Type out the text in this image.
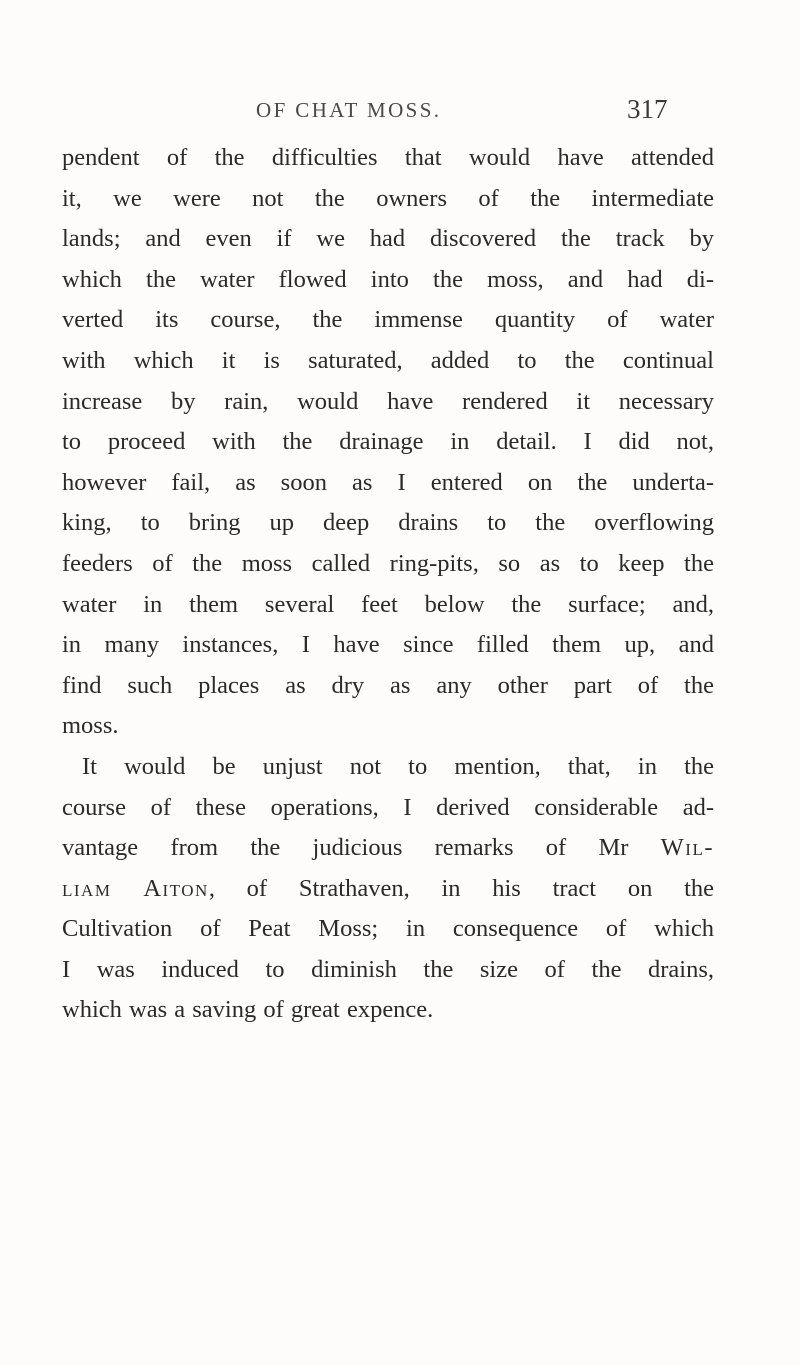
OF CHAT MOSS.	317
pendent of the difficulties that would have attended
it, we were not the owners of the intermediate
lands; and even if we had discovered the track by
which the water flowed into the moss, and had di-
verted its course, the immense quantity of water
with which it is saturated, added to the continual
increase by rain, would have rendered it necessary
to proceed with the drainage in detail. I did not,
however fail, as soon as I entered on the underta-
king, to bring up deep drains to the overflowing
feeders of the moss called ring-pits, so as to keep the
water in them several feet below the surface; and,
in many instances, I have since filled them up, and
find such places as dry as any other part of the
moss.
It would be unjust not to mention, that, in the
course of these operations, I derived considerable ad-
vantage from the judicious remarks of Mr Wil-
liam Aiton, of Strathaven, in his tract on the
Cultivation of Peat Moss; in consequence of which
I was induced to diminish the size of the drains,
which was a saving of great expence.
